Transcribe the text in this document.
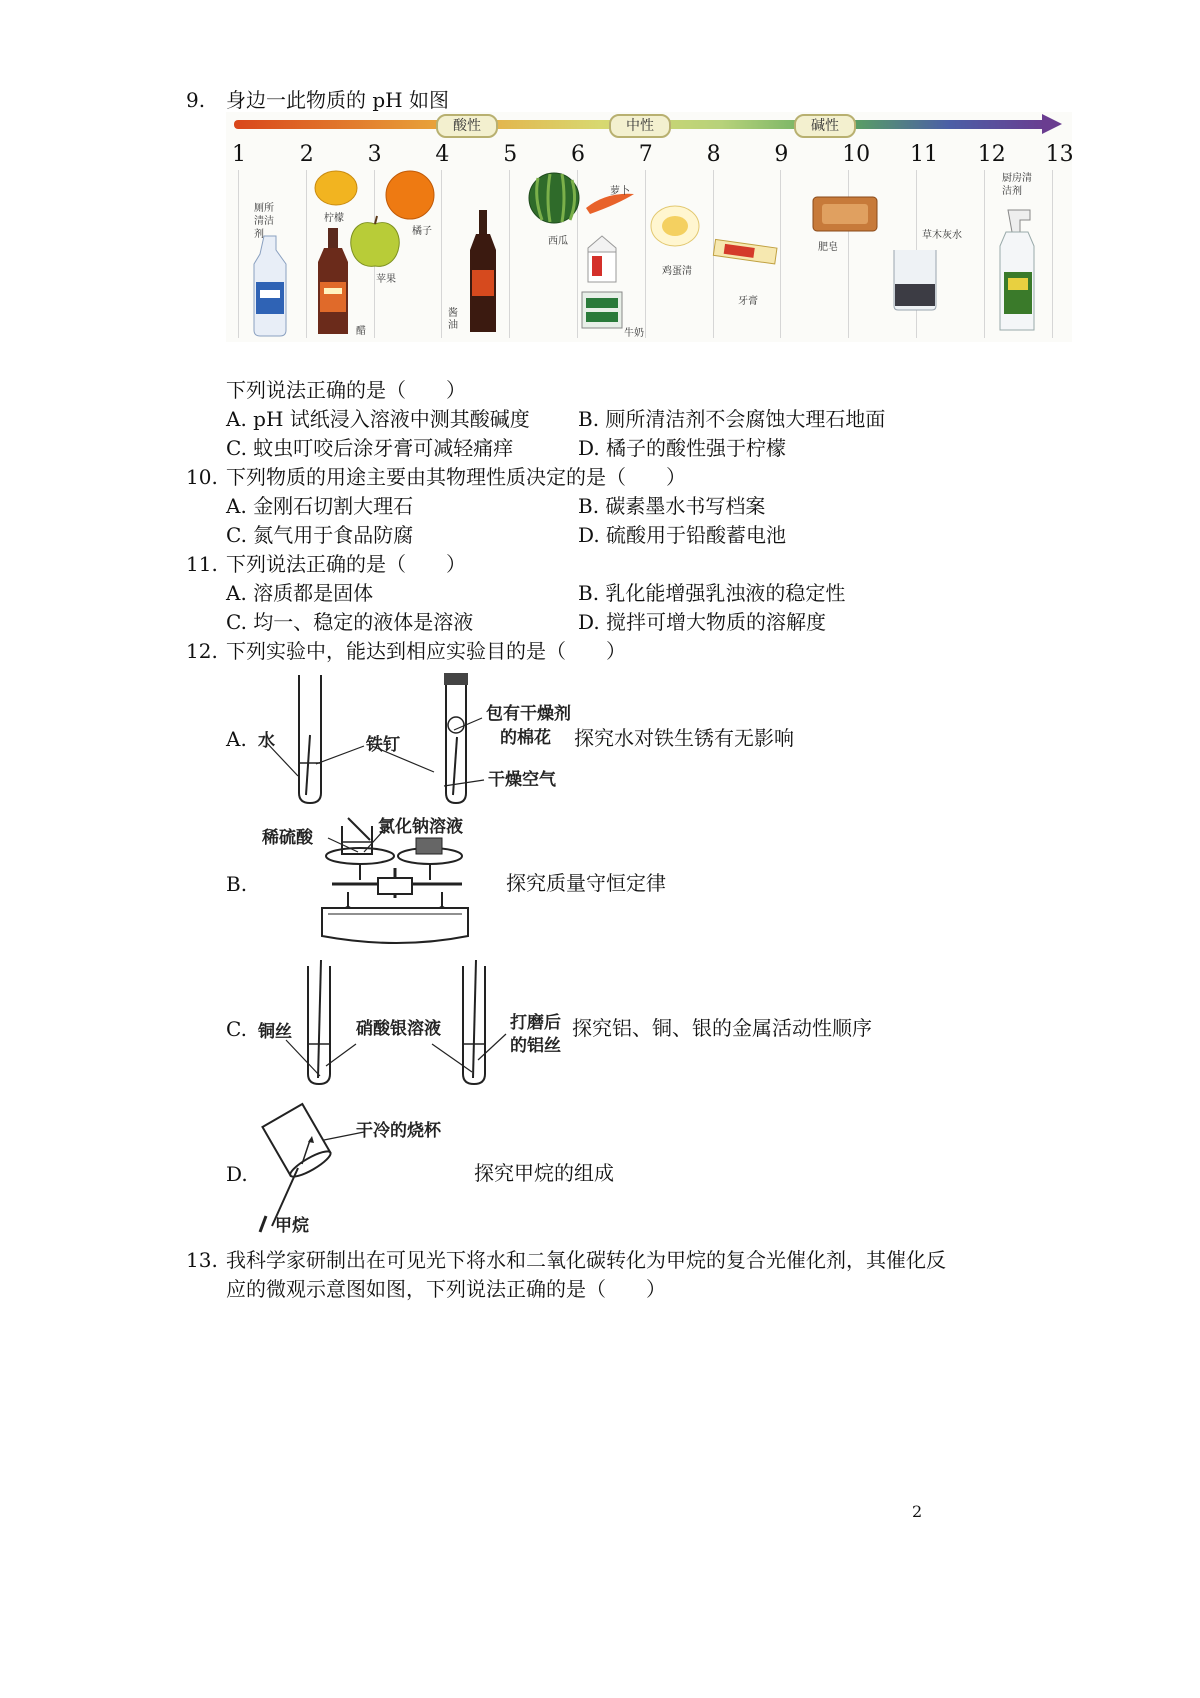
9. 身边一此物质的 pH 如图
酸性	中性	碱性
1 2 3 4 5 6 7 8 9 10 11 12 13
厕所清洁剂
柠檬
醋
苹果
橘子
酱油
西瓜
萝卜
牛奶
鸡蛋清
牙膏
肥皂
草木灰水
厨房清洁剂
下列说法正确的是（　　）
A. pH 试纸浸入溶液中测其酸碱度 B. 厕所清洁剂不会腐蚀大理石地面
C. 蚊虫叮咬后涂牙膏可减轻痛痒	D. 橘子的酸性强于柠檬
10. 下列物质的用途主要由其物理性质决定的是（　　）
A. 金刚石切割大理石	B. 碳素墨水书写档案
C. 氮气用于食品防腐	D. 硫酸用于铅酸蓄电池
11. 下列说法正确的是（　　）
A. 溶质都是固体	B. 乳化能增强乳浊液的稳定性
C. 均一、稳定的液体是溶液	D. 搅拌可增大物质的溶解度
12. 下列实验中，能达到相应实验目的是（　　）
A. 水	铁钉
包有干燥剂
的棉花
干燥空气
探究水对铁生锈有无影响
B.
稀硫酸
氯化钠溶液
探究质量守恒定律
C. 铜丝	硝酸银溶液	打磨后
的铝丝
探究铝、铜、银的金属活动性顺序
D.
干冷的烧杯
甲烷
探究甲烷的组成
13. 我科学家研制出在可见光下将水和二氧化碳转化为甲烷的复合光催化剂，其催化反
应的微观示意图如图，下列说法正确的是（　　）
2
